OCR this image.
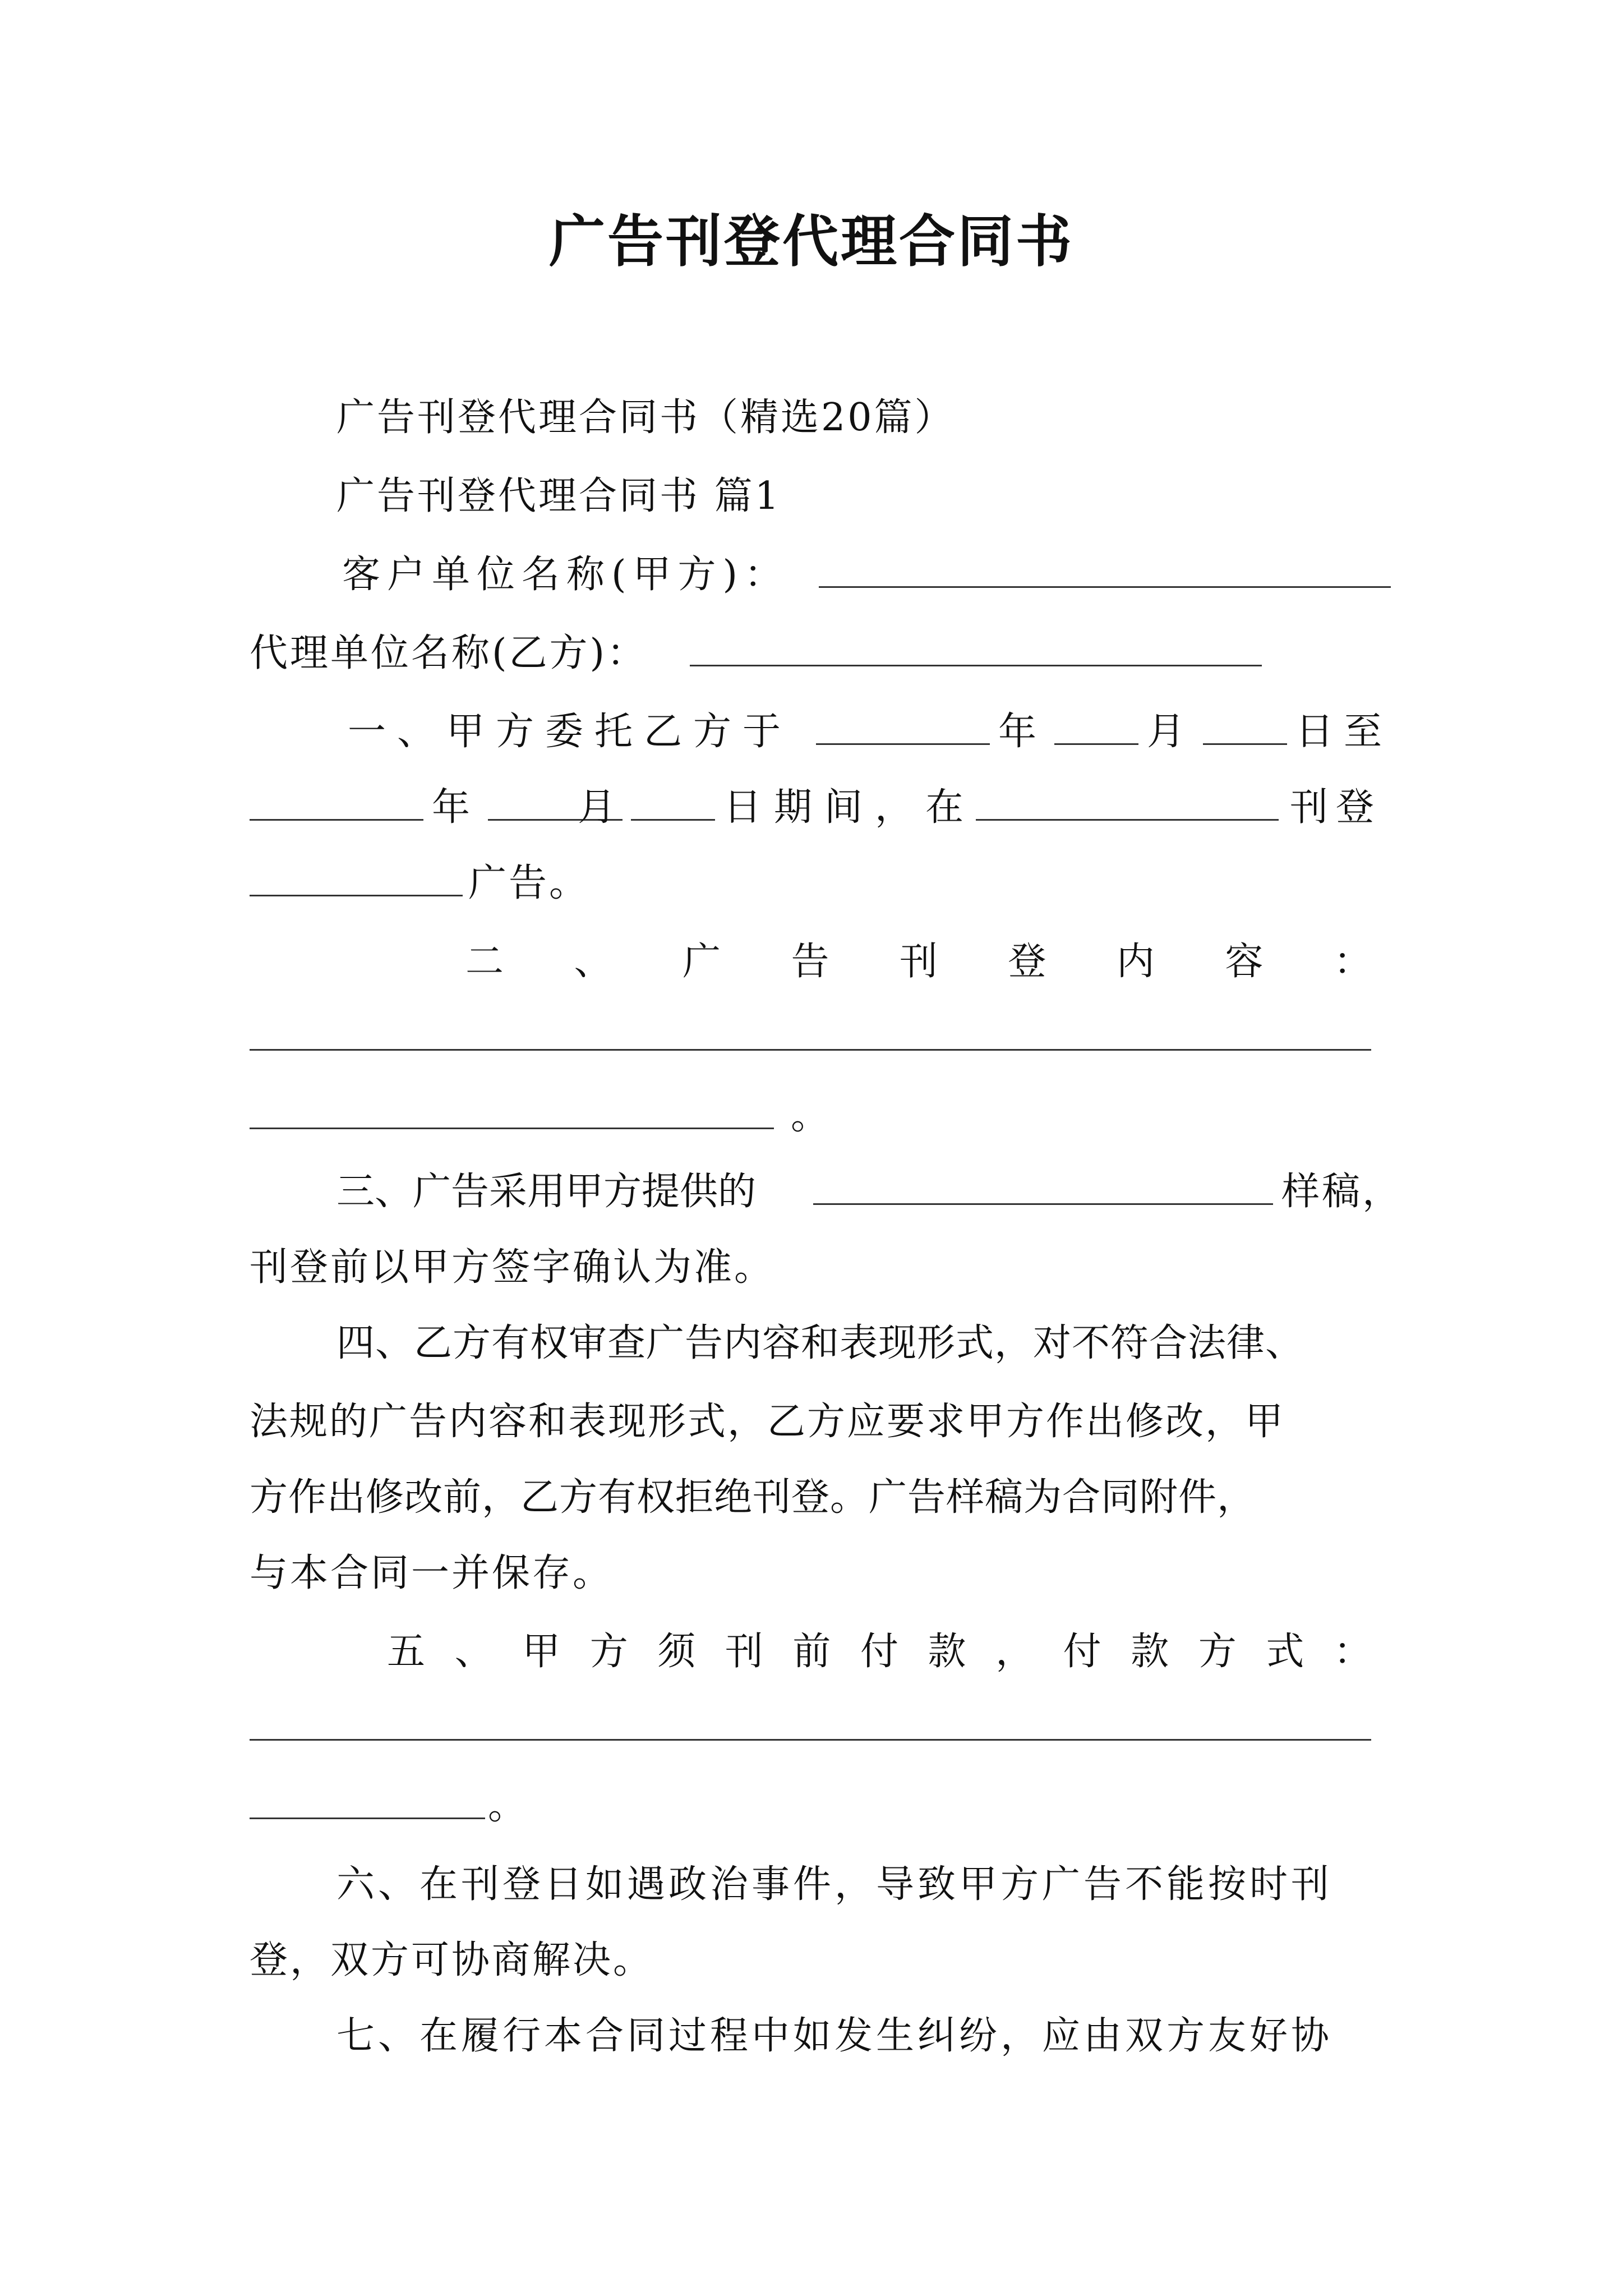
广告刊登代理合同书
广告刊登代理合同书（精选20篇）
广告刊登代理合同书 篇1
客户单位名称(甲方)：
代理单位名称(乙方)：
一、甲方委托乙方于	年	月	日至
年	月	日期间，在	刊登
广告。
二 、 广 告 刊 登 内 容 ：
。
三、广告采用甲方提供的	样稿，
刊登前以甲方签字确认为准。
四、乙方有权审查广告内容和表现形式，对不符合法律、
法规的广告内容和表现形式，乙方应要求甲方作出修改，甲
方作出修改前，乙方有权拒绝刊登。广告样稿为合同附件，
与本合同一并保存。
五 、 甲 方 须 刊 前 付 款 ， 付 款 方 式 ：
。
六、在刊登日如遇政治事件，导致甲方广告不能按时刊
登，双方可协商解决。
七、在履行本合同过程中如发生纠纷，应由双方友好协
